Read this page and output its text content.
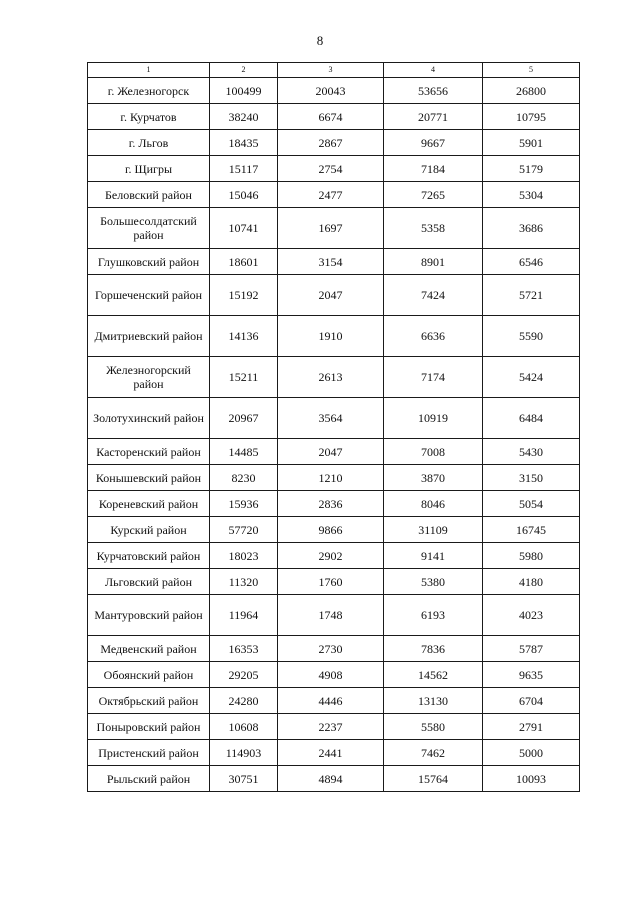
8
1	2	3	4	5
г. Железногорск	100499	20043	53656	26800
г. Курчатов	38240	6674	20771	10795
г. Льгов	18435	2867	9667	5901
г. Щигры	15117	2754	7184	5179
Беловский район	15046	2477	7265	5304
Большесолдатский район	10741	1697	5358	3686
Глушковский район	18601	3154	8901	6546
Горшеченский район	15192	2047	7424	5721
Дмитриевский район	14136	1910	6636	5590
Железногорский район	15211	2613	7174	5424
Золотухинский район	20967	3564	10919	6484
Касторенский район	14485	2047	7008	5430
Конышевский район	8230	1210	3870	3150
Кореневский район	15936	2836	8046	5054
Курский район	57720	9866	31109	16745
Курчатовский район	18023	2902	9141	5980
Льговский район	11320	1760	5380	4180
Мантуровский район	11964	1748	6193	4023
Медвенский район	16353	2730	7836	5787
Обоянский район	29205	4908	14562	9635
Октябрьский район	24280	4446	13130	6704
Поныровский район	10608	2237	5580	2791
Пристенский район	114903	2441	7462	5000
Рыльский район	30751	4894	15764	10093
